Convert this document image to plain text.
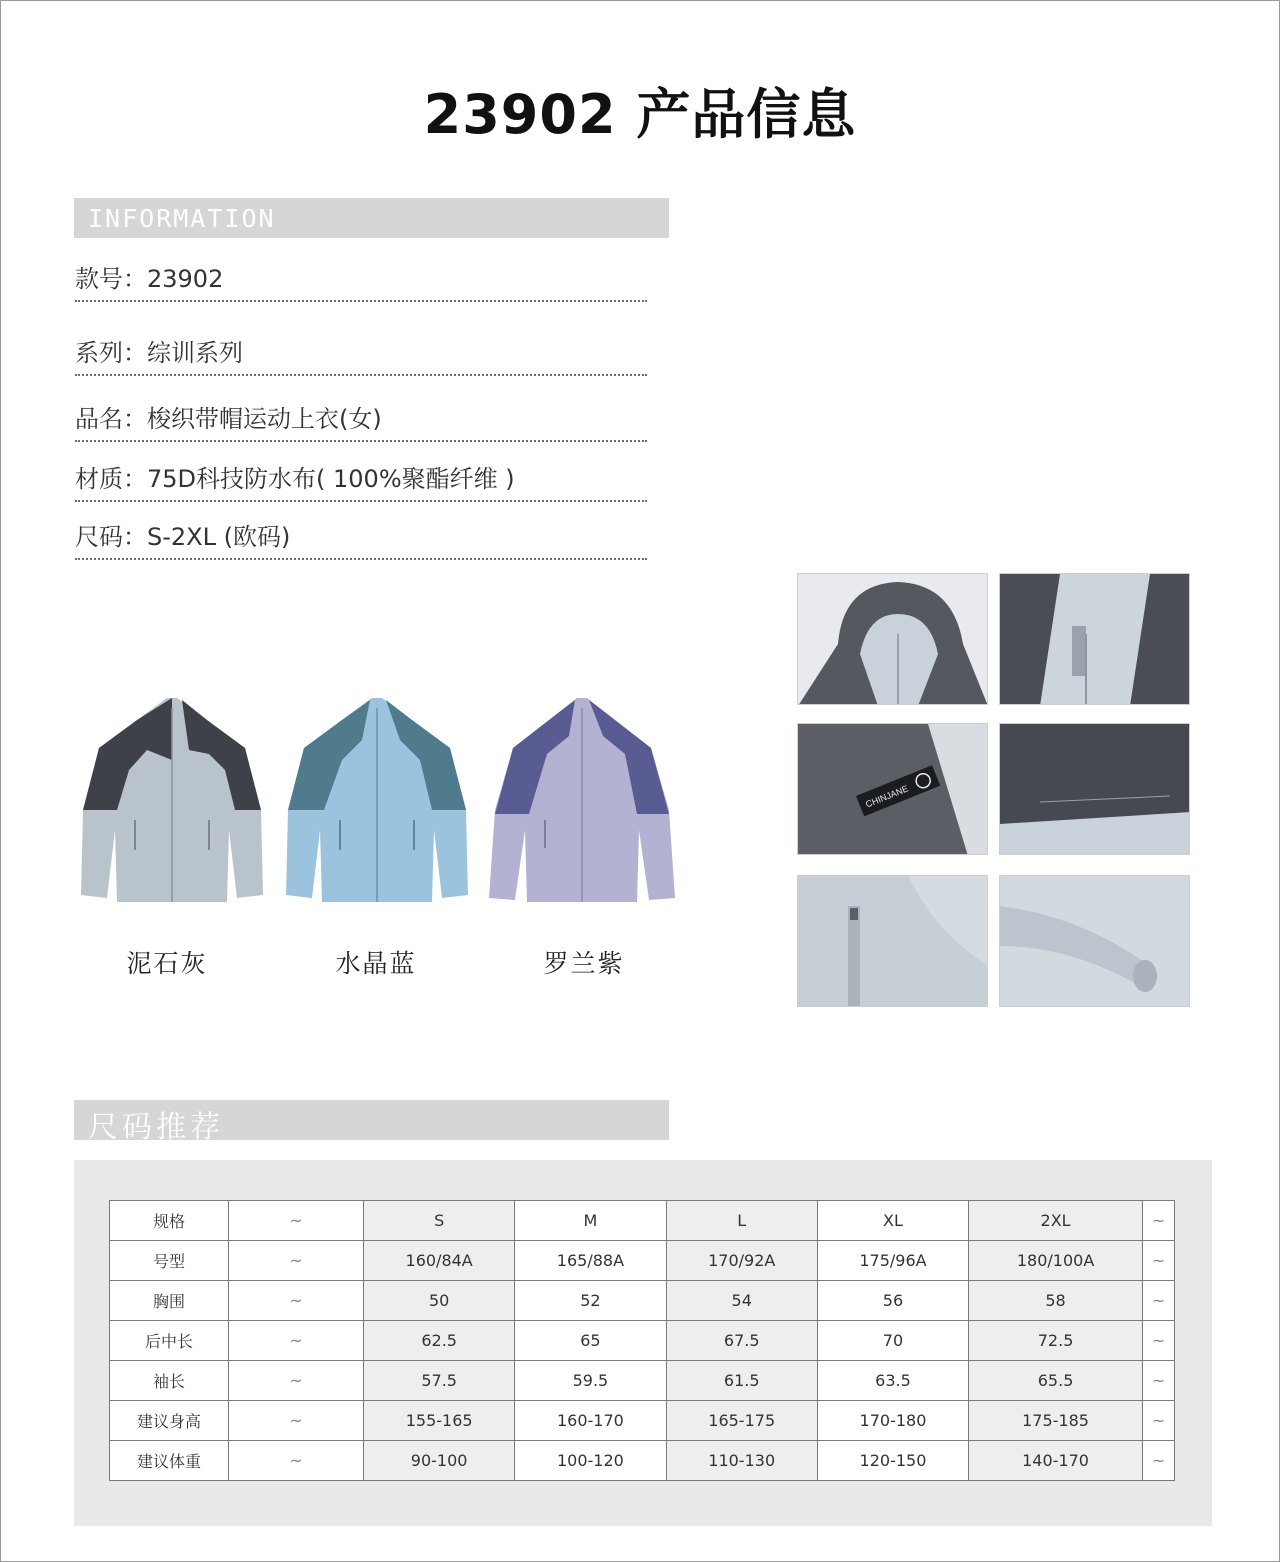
23902 产品信息
INFORMATION
款号：23902
系列：综训系列
品名：梭织带帽运动上衣(女)
材质：75D科技防水布( 100%聚酯纤维 )
尺码：S-2XL (欧码)
泥石灰	水晶蓝	罗兰紫
CHINJANE
尺码推荐
规格	~	S	M	L	XL	2XL	~
号型	~	160/84A	165/88A	170/92A	175/96A	180/100A	~
胸围	~	50	52	54	56	58	~
后中长	~	62.5	65	67.5	70	72.5	~
袖长	~	57.5	59.5	61.5	63.5	65.5	~
建议身高	~	155-165	160-170	165-175	170-180	175-185	~
建议体重	~	90-100	100-120	110-130	120-150	140-170	~
